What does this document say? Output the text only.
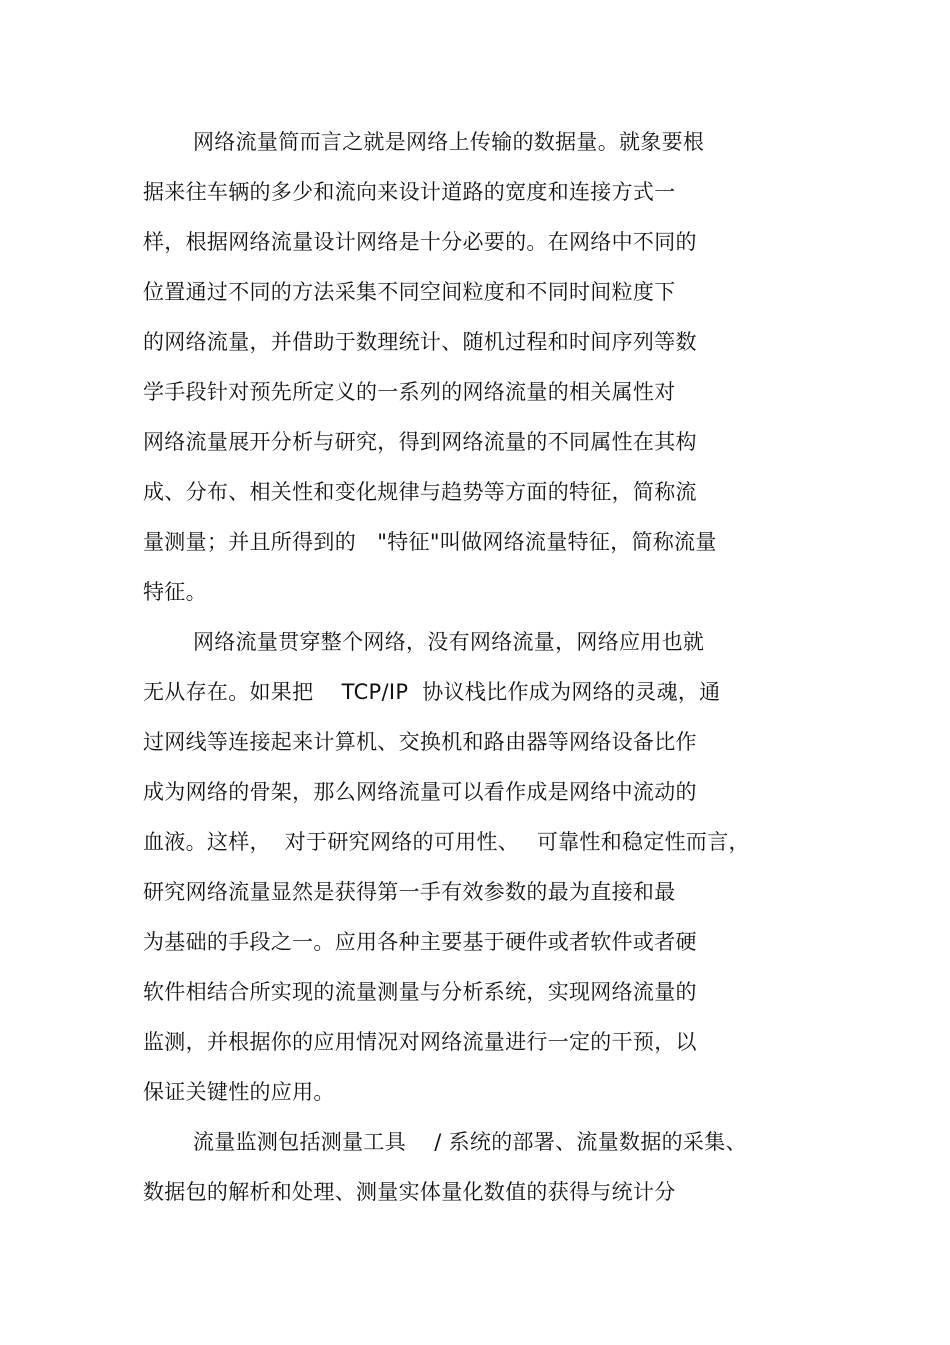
网络流量简而言之就是网络上传输的数据量。就象要根
据来往车辆的多少和流向来设计道路的宽度和连接方式一
样，根据网络流量设计网络是十分必要的。在网络中不同的
位置通过不同的方法采集不同空间粒度和不同时间粒度下
的网络流量，并借助于数理统计、随机过程和时间序列等数
学手段针对预先所定义的一系列的网络流量的相关属性对
网络流量展开分析与研究，得到网络流量的不同属性在其构
成、分布、相关性和变化规律与趋势等方面的特征，简称流
量测量；并且所得到的　"特征"叫做网络流量特征，简称流量
特征。
网络流量贯穿整个网络，没有网络流量，网络应用也就
无从存在。如果把　 TCP/IP  协议栈比作成为网络的灵魂，通
过网线等连接起来计算机、交换机和路由器等网络设备比作
成为网络的骨架，那么网络流量可以看作成是网络中流动的
血液。这样，  对于研究网络的可用性、　 可靠性和稳定性而言，
研究网络流量显然是获得第一手有效参数的最为直接和最
为基础的手段之一。应用各种主要基于硬件或者软件或者硬
软件相结合所实现的流量测量与分析系统，实现网络流量的
监测，并根据你的应用情况对网络流量进行一定的干预，以
保证关键性的应用。
流量监测包括测量工具　 / 系统的部署、流量数据的采集、
数据包的解析和处理、测量实体量化数值的获得与统计分
